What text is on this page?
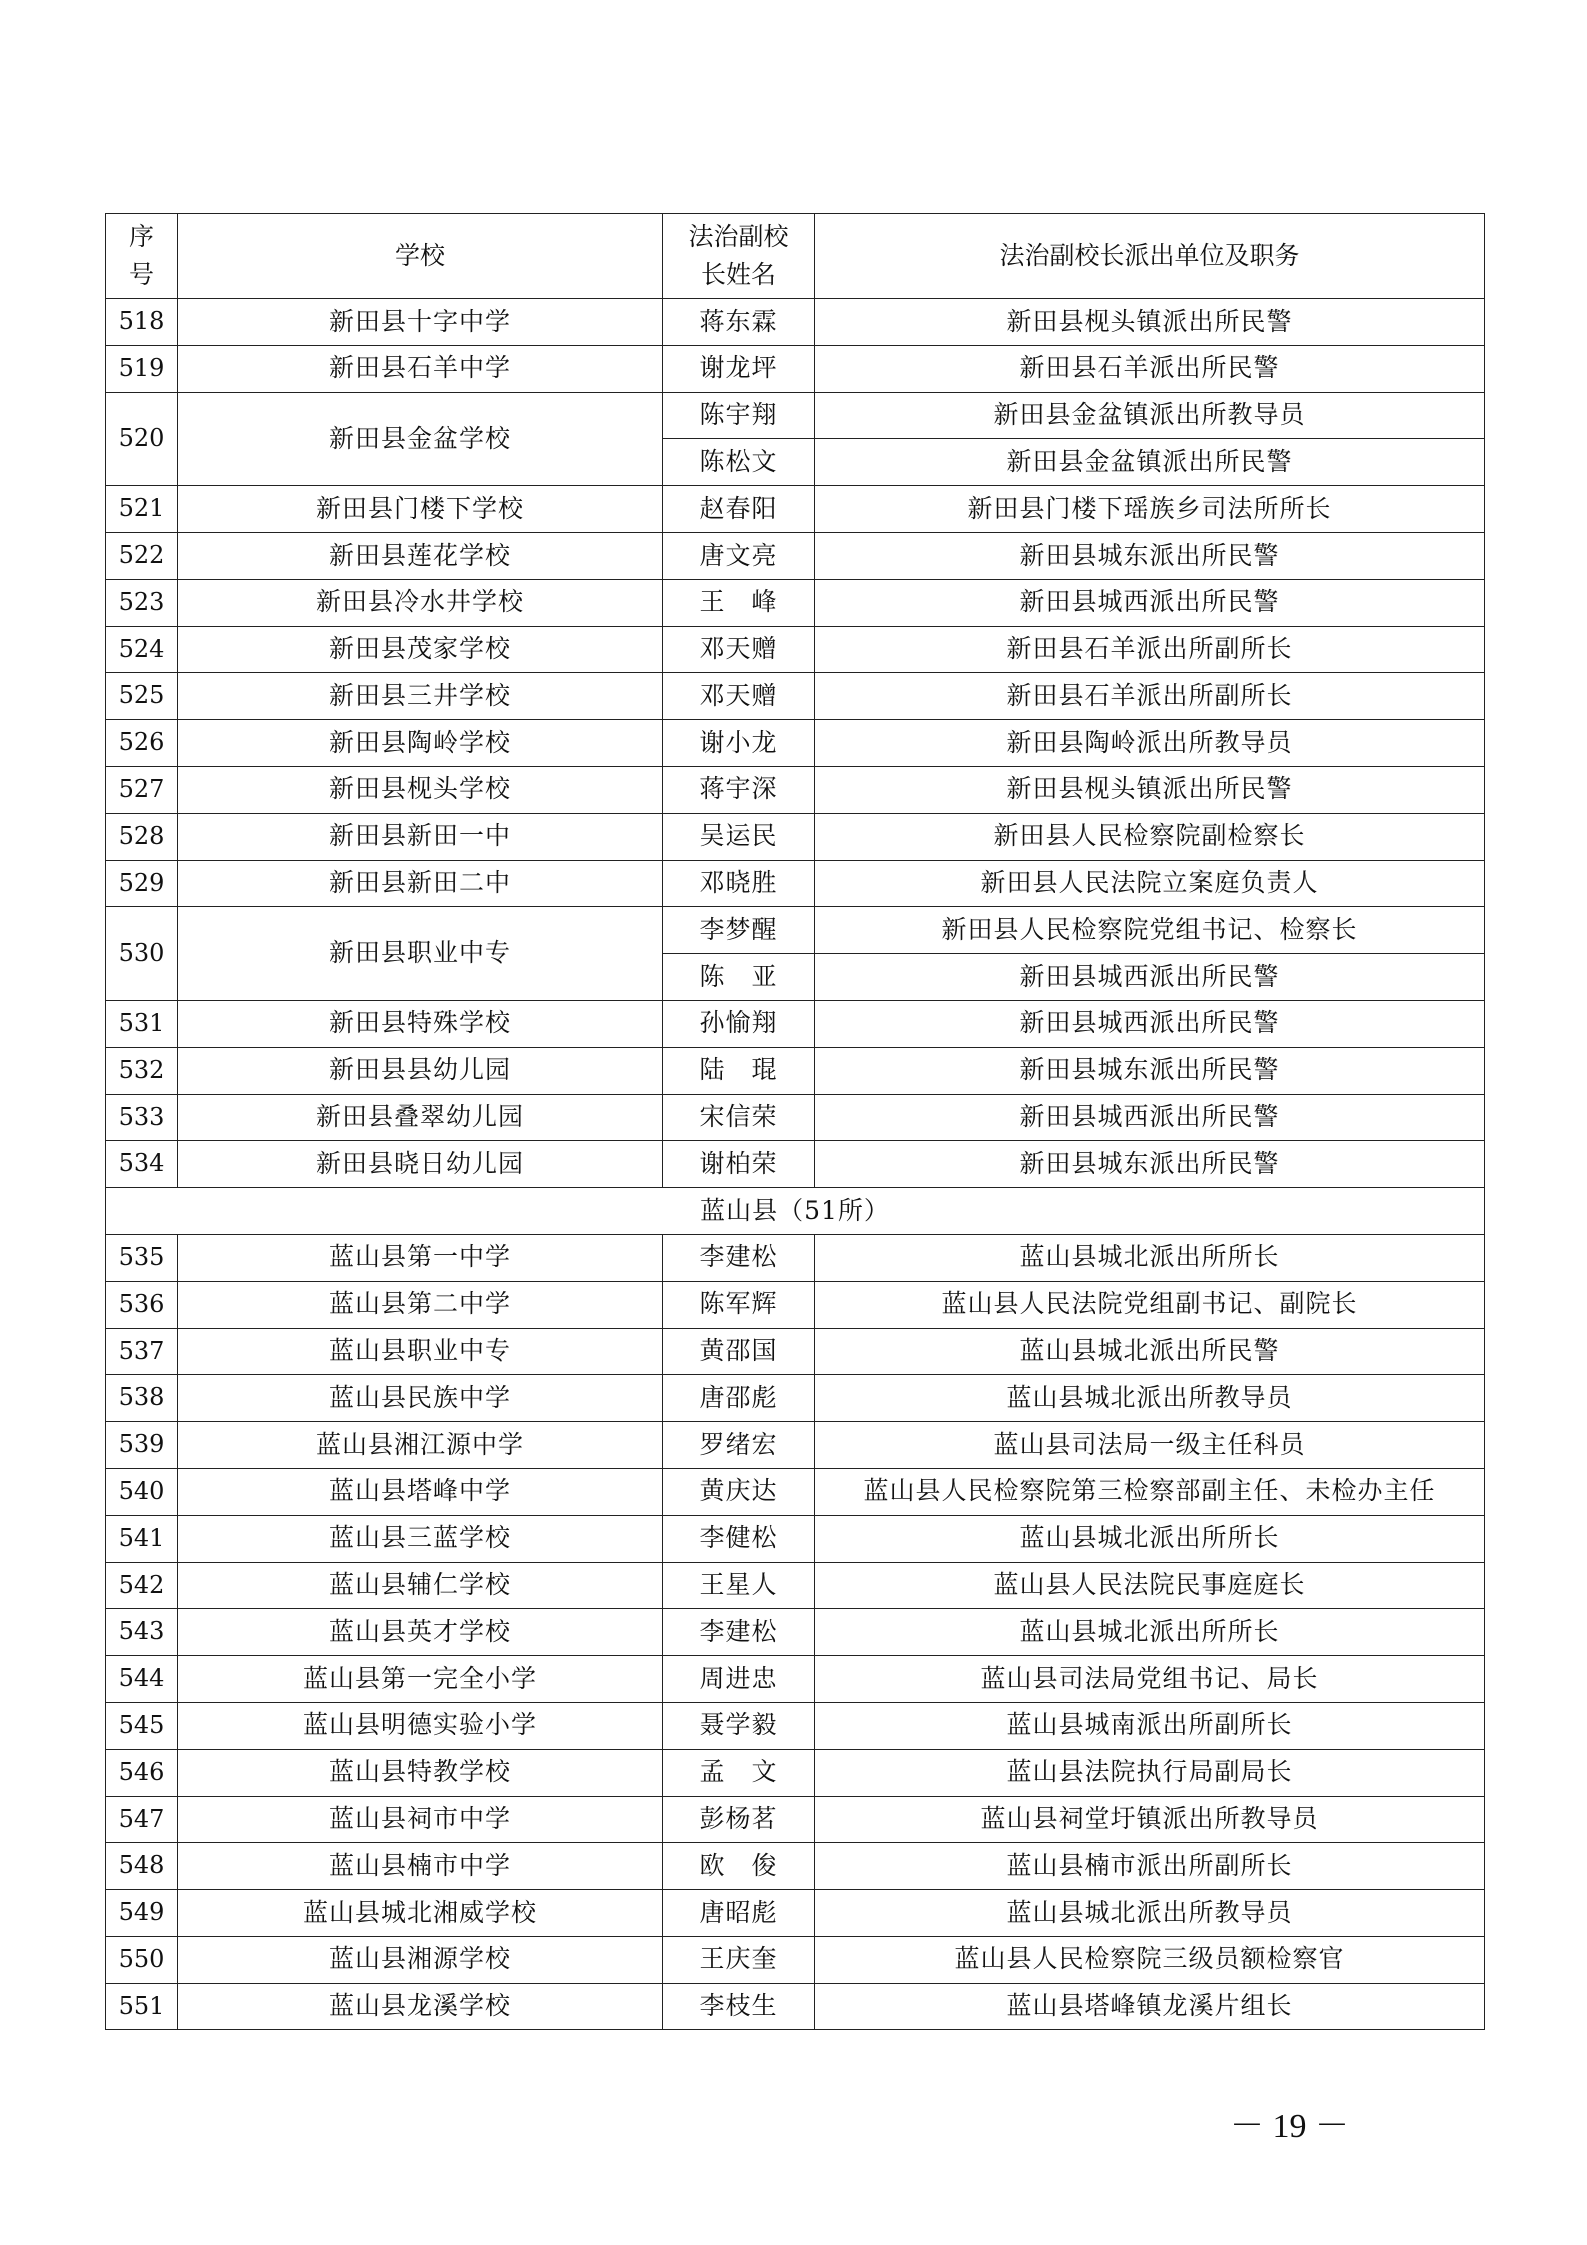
序号	学校	法治副校长姓名	法治副校长派出单位及职务
518	新田县十字中学	蒋东霖	新田县枧头镇派出所民警
519	新田县石羊中学	谢龙坪	新田县石羊派出所民警
520	新田县金盆学校	陈宇翔	新田县金盆镇派出所教导员
		陈松文	新田县金盆镇派出所民警
521	新田县门楼下学校	赵春阳	新田县门楼下瑶族乡司法所所长
522	新田县莲花学校	唐文亮	新田县城东派出所民警
523	新田县冷水井学校	王　峰	新田县城西派出所民警
524	新田县茂家学校	邓天赠	新田县石羊派出所副所长
525	新田县三井学校	邓天赠	新田县石羊派出所副所长
526	新田县陶岭学校	谢小龙	新田县陶岭派出所教导员
527	新田县枧头学校	蒋宇深	新田县枧头镇派出所民警
528	新田县新田一中	吴运民	新田县人民检察院副检察长
529	新田县新田二中	邓晓胜	新田县人民法院立案庭负责人
530	新田县职业中专	李梦醒	新田县人民检察院党组书记、检察长
		陈　亚	新田县城西派出所民警
531	新田县特殊学校	孙愉翔	新田县城西派出所民警
532	新田县县幼儿园	陆　琨	新田县城东派出所民警
533	新田县叠翠幼儿园	宋信荣	新田县城西派出所民警
534	新田县晓日幼儿园	谢柏荣	新田县城东派出所民警
蓝山县（51所）			
535	蓝山县第一中学	李建松	蓝山县城北派出所所长
536	蓝山县第二中学	陈军辉	蓝山县人民法院党组副书记、副院长
537	蓝山县职业中专	黄邵国	蓝山县城北派出所民警
538	蓝山县民族中学	唐邵彪	蓝山县城北派出所教导员
539	蓝山县湘江源中学	罗绪宏	蓝山县司法局一级主任科员
540	蓝山县塔峰中学	黄庆达	蓝山县人民检察院第三检察部副主任、未检办主任
541	蓝山县三蓝学校	李健松	蓝山县城北派出所所长
542	蓝山县辅仁学校	王星人	蓝山县人民法院民事庭庭长
543	蓝山县英才学校	李建松	蓝山县城北派出所所长
544	蓝山县第一完全小学	周进忠	蓝山县司法局党组书记、局长
545	蓝山县明德实验小学	聂学毅	蓝山县城南派出所副所长
546	蓝山县特教学校	孟　文	蓝山县法院执行局副局长
547	蓝山县祠市中学	彭杨茗	蓝山县祠堂圩镇派出所教导员
548	蓝山县楠市中学	欧　俊	蓝山县楠市派出所副所长
549	蓝山县城北湘威学校	唐昭彪	蓝山县城北派出所教导员
550	蓝山县湘源学校	王庆奎	蓝山县人民检察院三级员额检察官
551	蓝山县龙溪学校	李枝生	蓝山县塔峰镇龙溪片组长
－ 19 －
